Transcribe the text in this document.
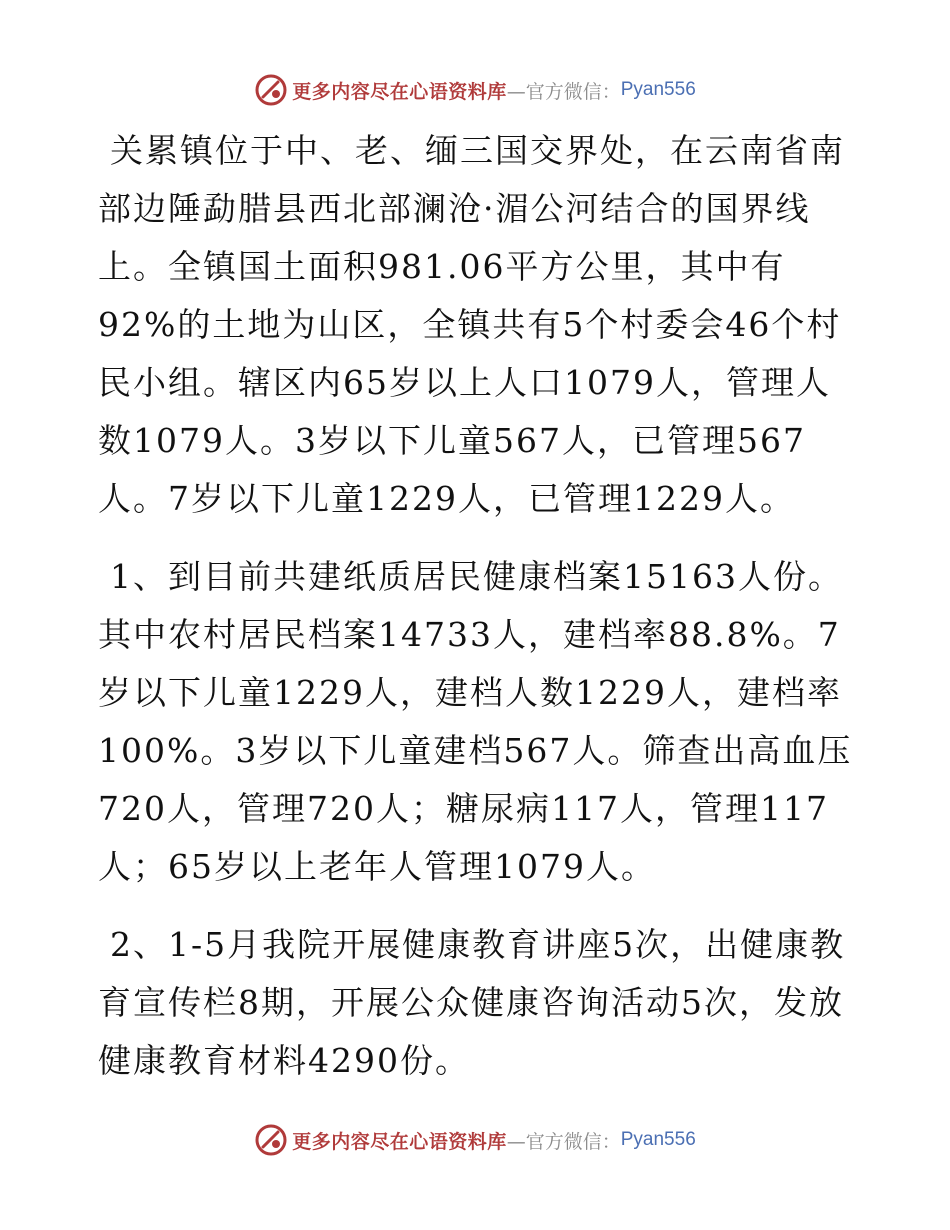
更多内容尽在心语资料库 —官方微信： Pyan556

关累镇位于中、老、缅三国交界处，在云南省南部边陲勐腊县西北部澜沧·湄公河结合的国界线上。全镇国土面积981.06平方公里，其中有92%的土地为山区，全镇共有5个村委会46个村民小组。辖区内65岁以上人口1079人，管理人数1079人。3岁以下儿童567人，已管理567人。7岁以下儿童1229人，已管理1229人。

1、到目前共建纸质居民健康档案15163人份。其中农村居民档案14733人，建档率88.8%。7岁以下儿童1229人，建档人数1229人，建档率100%。3岁以下儿童建档567人。筛查出高血压720人，管理720人；糖尿病117人，管理117人；65岁以上老年人管理1079人。

2、1-5月我院开展健康教育讲座5次，出健康教育宣传栏8期，开展公众健康咨询活动5次，发放健康教育材料4290份。

更多内容尽在心语资料库 —官方微信： Pyan556
